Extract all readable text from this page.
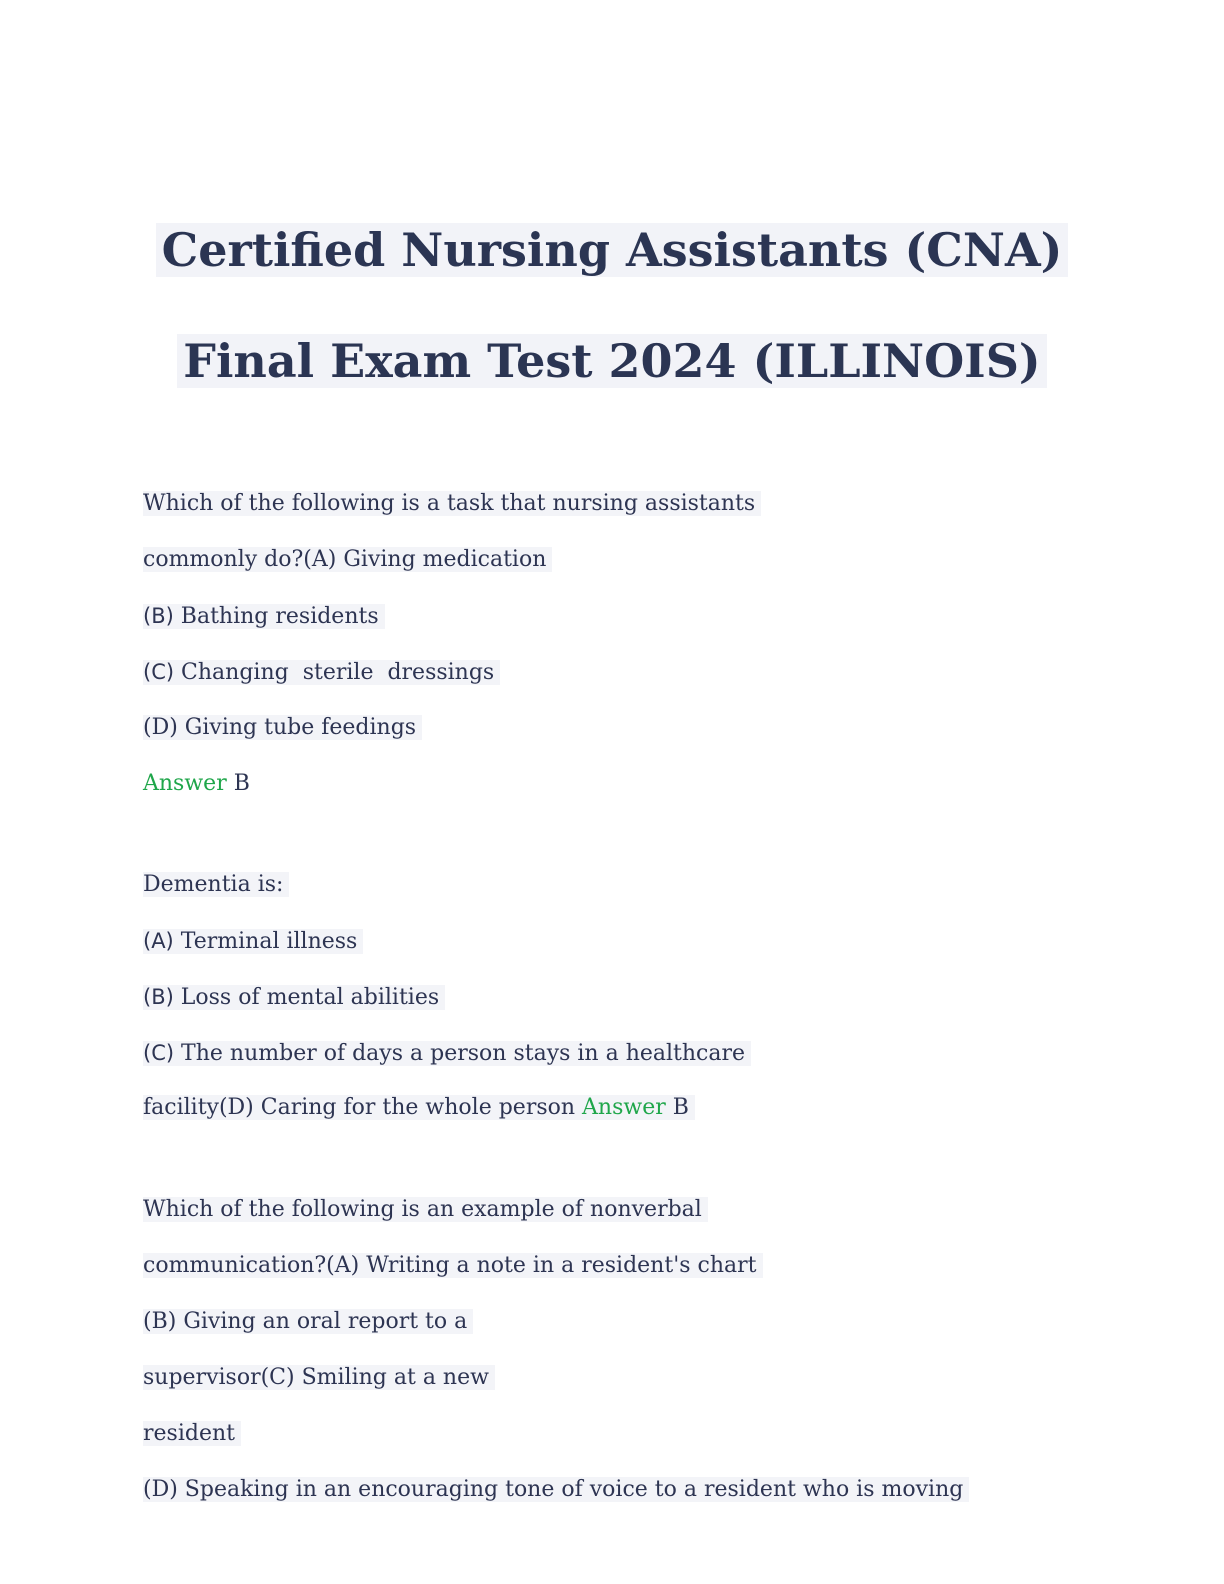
Certified Nursing Assistants (CNA)
Final Exam Test 2024 (ILLINOIS)
Which of the following is a task that nursing assistants
commonly do?(A) Giving medication
(B) Bathing residents
(C) Changing  sterile  dressings
(D) Giving tube feedings
Answer B
Dementia is:
(A) Terminal illness
(B) Loss of mental abilities
(C) The number of days a person stays in a healthcare
facility(D) Caring for the whole person Answer B
Which of the following is an example of nonverbal
communication?(A) Writing a note in a resident's chart
(B) Giving an oral report to a
supervisor(C) Smiling at a new
resident
(D) Speaking in an encouraging tone of voice to a resident who is moving
